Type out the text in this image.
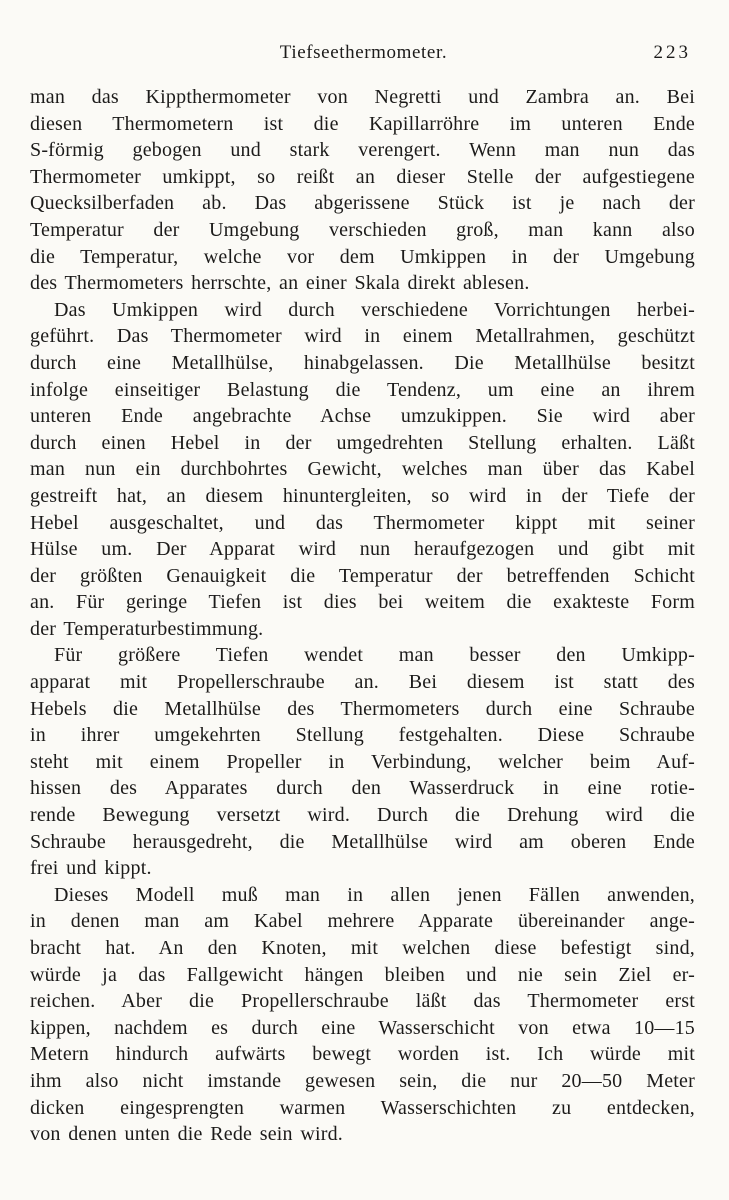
Tiefseethermometer.	223
man das Kippthermometer von Negretti und Zambra an. Bei
diesen Thermometern ist die Kapillarröhre im unteren Ende
S-förmig gebogen und stark verengert. Wenn man nun das
Thermometer umkippt, so reißt an dieser Stelle der aufgestiegene
Quecksilberfaden ab. Das abgerissene Stück ist je nach der
Temperatur der Umgebung verschieden groß, man kann also
die Temperatur, welche vor dem Umkippen in der Umgebung
des Thermometers herrschte, an einer Skala direkt ablesen.
Das Umkippen wird durch verschiedene Vorrichtungen herbei-
geführt. Das Thermometer wird in einem Metallrahmen, geschützt
durch eine Metallhülse, hinabgelassen. Die Metallhülse besitzt
infolge einseitiger Belastung die Tendenz, um eine an ihrem
unteren Ende angebrachte Achse umzukippen. Sie wird aber
durch einen Hebel in der umgedrehten Stellung erhalten. Läßt
man nun ein durchbohrtes Gewicht, welches man über das Kabel
gestreift hat, an diesem hinuntergleiten, so wird in der Tiefe der
Hebel ausgeschaltet, und das Thermometer kippt mit seiner
Hülse um. Der Apparat wird nun heraufgezogen und gibt mit
der größten Genauigkeit die Temperatur der betreffenden Schicht
an. Für geringe Tiefen ist dies bei weitem die exakteste Form
der Temperaturbestimmung.
Für größere Tiefen wendet man besser den Umkipp-
apparat mit Propellerschraube an. Bei diesem ist statt des
Hebels die Metallhülse des Thermometers durch eine Schraube
in ihrer umgekehrten Stellung festgehalten. Diese Schraube
steht mit einem Propeller in Verbindung, welcher beim Auf-
hissen des Apparates durch den Wasserdruck in eine rotie-
rende Bewegung versetzt wird. Durch die Drehung wird die
Schraube herausgedreht, die Metallhülse wird am oberen Ende
frei und kippt.
Dieses Modell muß man in allen jenen Fällen anwenden,
in denen man am Kabel mehrere Apparate übereinander ange-
bracht hat. An den Knoten, mit welchen diese befestigt sind,
würde ja das Fallgewicht hängen bleiben und nie sein Ziel er-
reichen. Aber die Propellerschraube läßt das Thermometer erst
kippen, nachdem es durch eine Wasserschicht von etwa 10—15
Metern hindurch aufwärts bewegt worden ist. Ich würde mit
ihm also nicht imstande gewesen sein, die nur 20—50 Meter
dicken eingesprengten warmen Wasserschichten zu entdecken,
von denen unten die Rede sein wird.
